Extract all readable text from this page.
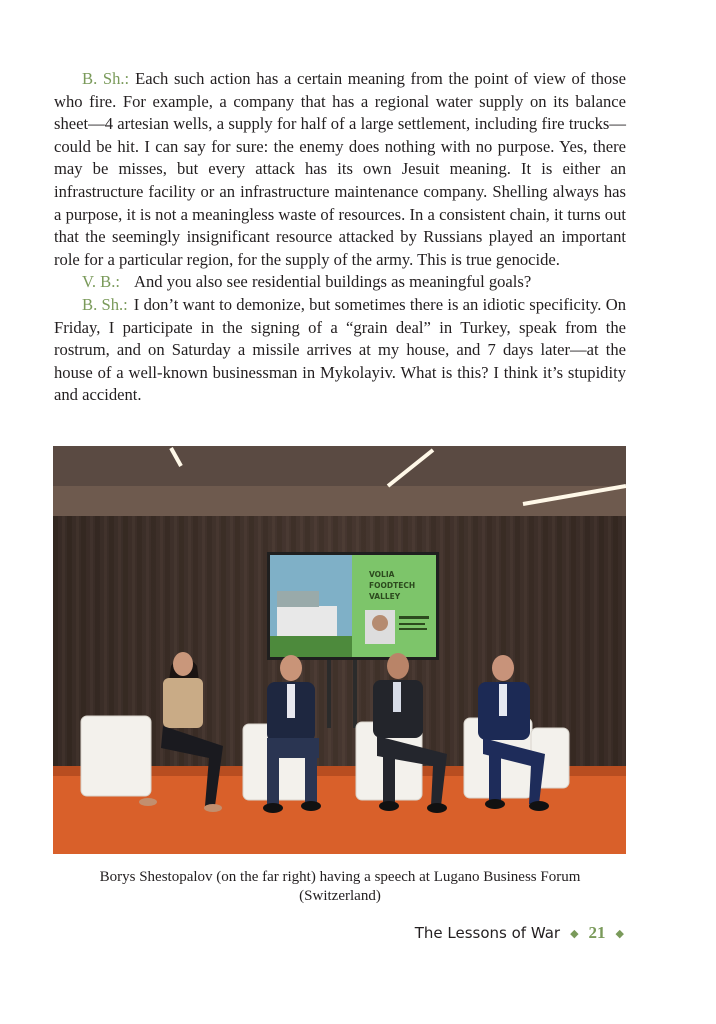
B. Sh.: Each such action has a certain meaning from the point of view of those who fire. For example, a company that has a regional water supply on its balance sheet—4 artesian wells, a supply for half of a large settlement, including fire trucks—could be hit. I can say for sure: the enemy does nothing with no purpose. Yes, there may be misses, but every attack has its own Jesuit meaning. It is either an infrastructure facility or an infrastructure maintenance company. Shelling always has a purpose, it is not a meaningless waste of resources. In a consistent chain, it turns out that the seemingly insignificant resource attacked by Russians played an important role for a particular region, for the supply of the army. This is true genocide.

V. B.: And you also see residential buildings as meaningful goals?

B. Sh.: I don’t want to demonize, but sometimes there is an idiotic specificity. On Friday, I participate in the signing of a “grain deal” in Turkey, speak from the rostrum, and on Saturday a missile arrives at my house, and 7 days later—at the house of a well-known businessman in Mykolayiv. What is this? I think it’s stupidity and accident.

VOLIA
FOODTECH
VALLEY
Borys Shestopalov (on the far right) having a speech at Lugano Business Forum
(Switzerland)
The Lessons of War ◆ 21 ◆
